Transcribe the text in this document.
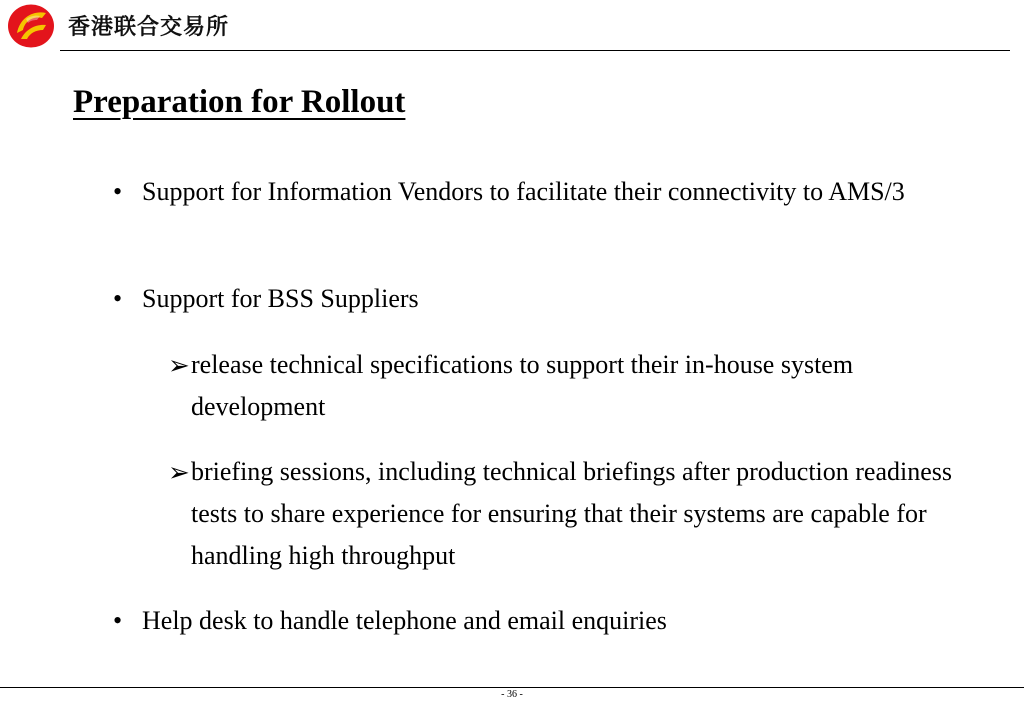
香港联合交易所
Preparation for Rollout
• Support for Information Vendors to facilitate their connectivity to AMS/3
• Support for BSS Suppliers
➢ release technical specifications to support their in-house system development
➢ briefing sessions, including technical briefings after production readiness tests to share experience for ensuring that their systems are capable for handling high throughput
• Help desk to handle telephone and email enquiries
- 36 -
